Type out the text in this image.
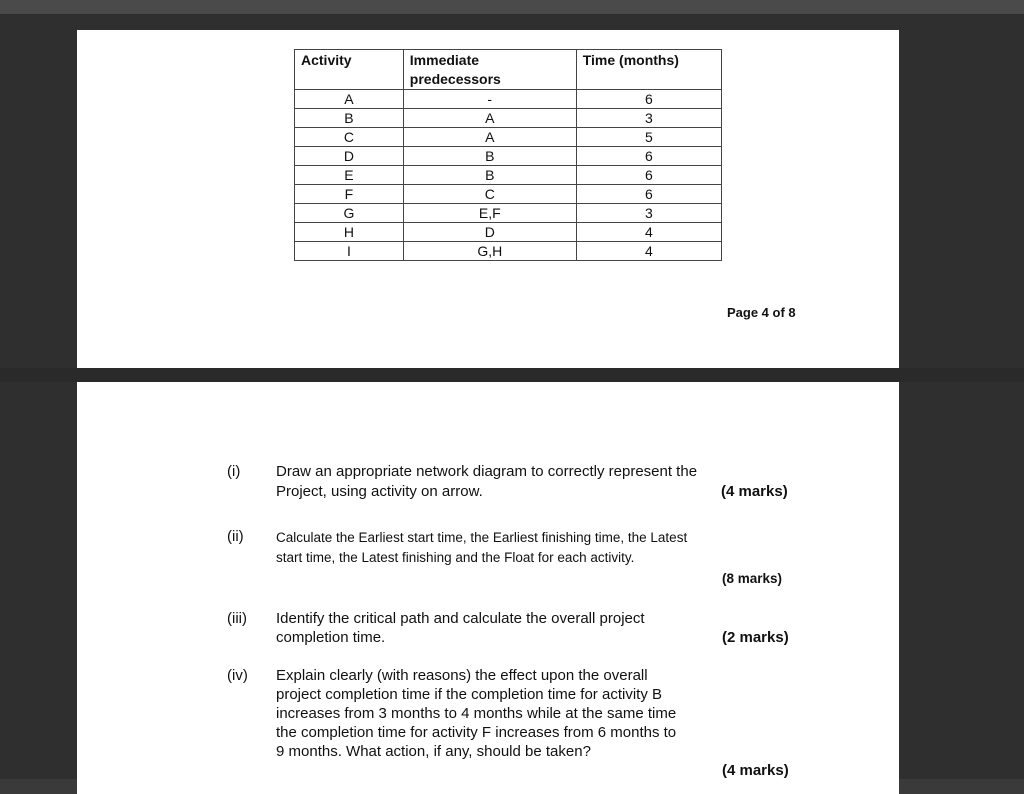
Activity	Immediate predecessors	Time (months)
A	-	6
B	A	3
C	A	5
D	B	6
E	B	6
F	C	6
G	E,F	3
H	D	4
I	G,H	4
Page 4 of 8
(i) Draw an appropriate network diagram to correctly represent the
Project, using activity on arrow.	(4 marks)
(ii) Calculate the Earliest start time, the Earliest finishing time, the Latest
start time, the Latest finishing and the Float for each activity.
(8 marks)
(iii) Identify the critical path and calculate the overall project
completion time.	(2 marks)
(iv) Explain clearly (with reasons) the effect upon the overall
project completion time if the completion time for activity B
increases from 3 months to 4 months while at the same time
the completion time for activity F increases from 6 months to
9 months. What action, if any, should be taken?
(4 marks)
